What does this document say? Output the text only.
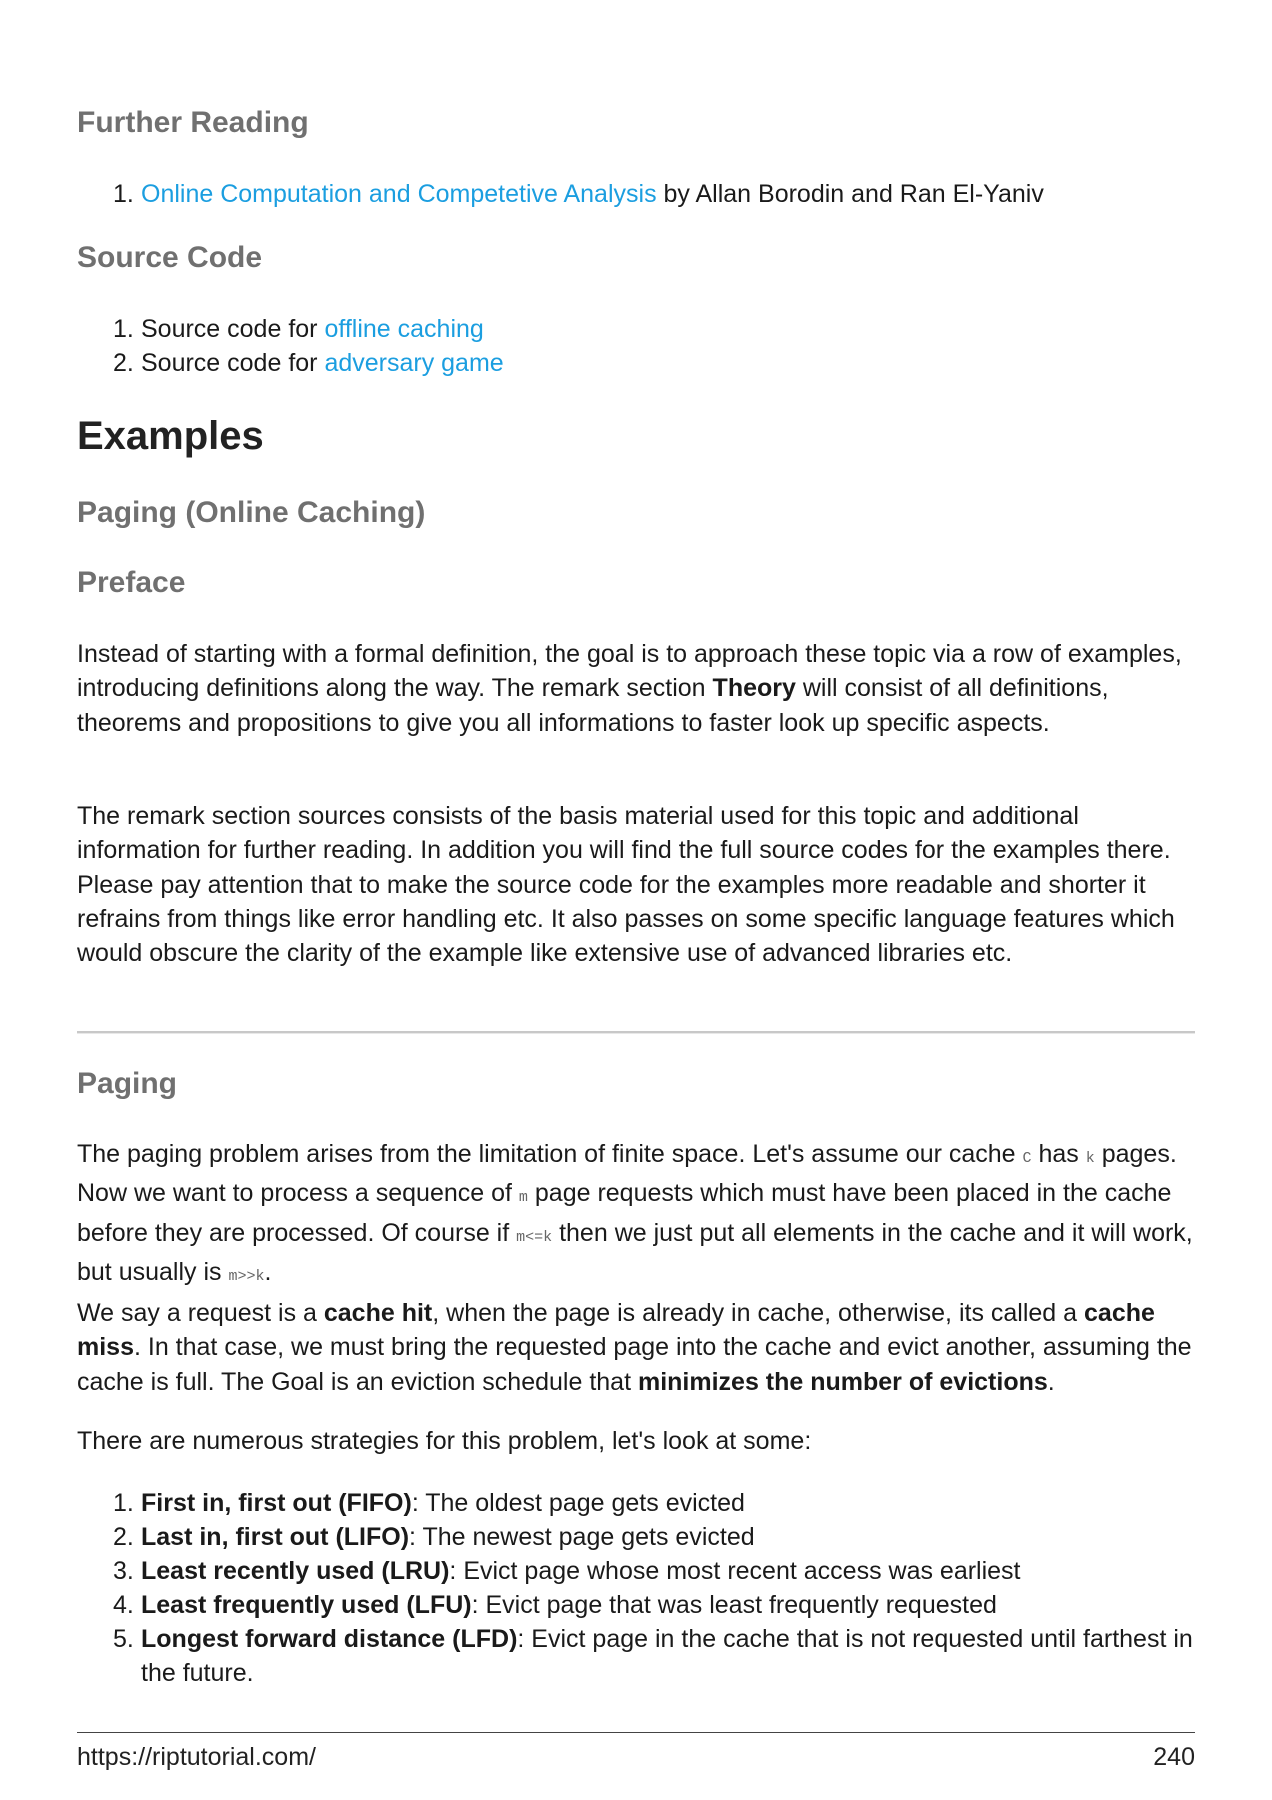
Further Reading
1. Online Computation and Competetive Analysis by Allan Borodin and Ran El-Yaniv
Source Code
1. Source code for offline caching
2. Source code for adversary game
Examples
Paging (Online Caching)
Preface

Instead of starting with a formal definition, the goal is to approach these topic via a row of examples, introducing definitions along the way. The remark section Theory will consist of all definitions, theorems and propositions to give you all informations to faster look up specific aspects.

The remark section sources consists of the basis material used for this topic and additional information for further reading. In addition you will find the full source codes for the examples there. Please pay attention that to make the source code for the examples more readable and shorter it refrains from things like error handling etc. It also passes on some specific language features which would obscure the clarity of the example like extensive use of advanced libraries etc.

Paging

The paging problem arises from the limitation of finite space. Let's assume our cache C has k pages. Now we want to process a sequence of m page requests which must have been placed in the cache before they are processed. Of course if m<=k then we just put all elements in the cache and it will work, but usually is m>>k.

We say a request is a cache hit, when the page is already in cache, otherwise, its called a cache miss. In that case, we must bring the requested page into the cache and evict another, assuming the cache is full. The Goal is an eviction schedule that minimizes the number of evictions.

There are numerous strategies for this problem, let's look at some:

1. First in, first out (FIFO): The oldest page gets evicted
2. Last in, first out (LIFO): The newest page gets evicted
3. Least recently used (LRU): Evict page whose most recent access was earliest
4. Least frequently used (LFU): Evict page that was least frequently requested
5. Longest forward distance (LFD): Evict page in the cache that is not requested until farthest in the future.
https://riptutorial.com/	240
